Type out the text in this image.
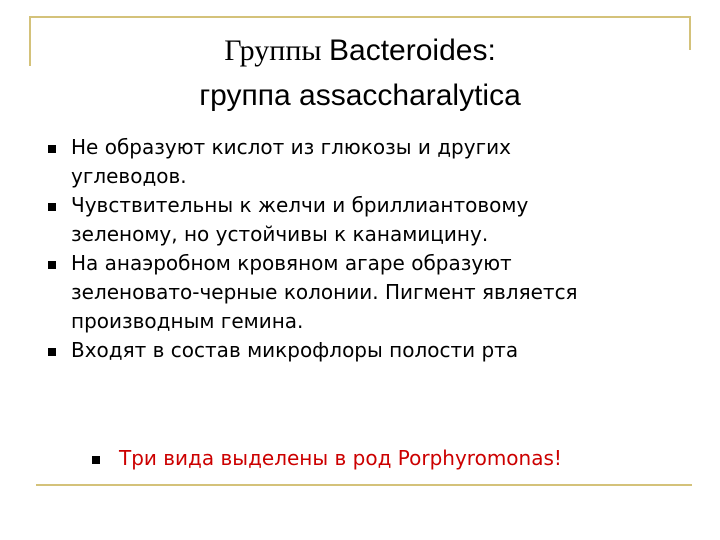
Группы Bacteroides:
группа assaccharalytica
Не образуют кислот из глюкозы и других
углеводов.
Чувствительны к желчи и бриллиантовому
зеленому, но устойчивы к канамицину.
На анаэробном кровяном агаре образуют
зеленовато-черные колонии. Пигмент является
производным гемина.
Входят в состав микрофлоры полости рта
Три вида выделены в род Porphyromonas!
